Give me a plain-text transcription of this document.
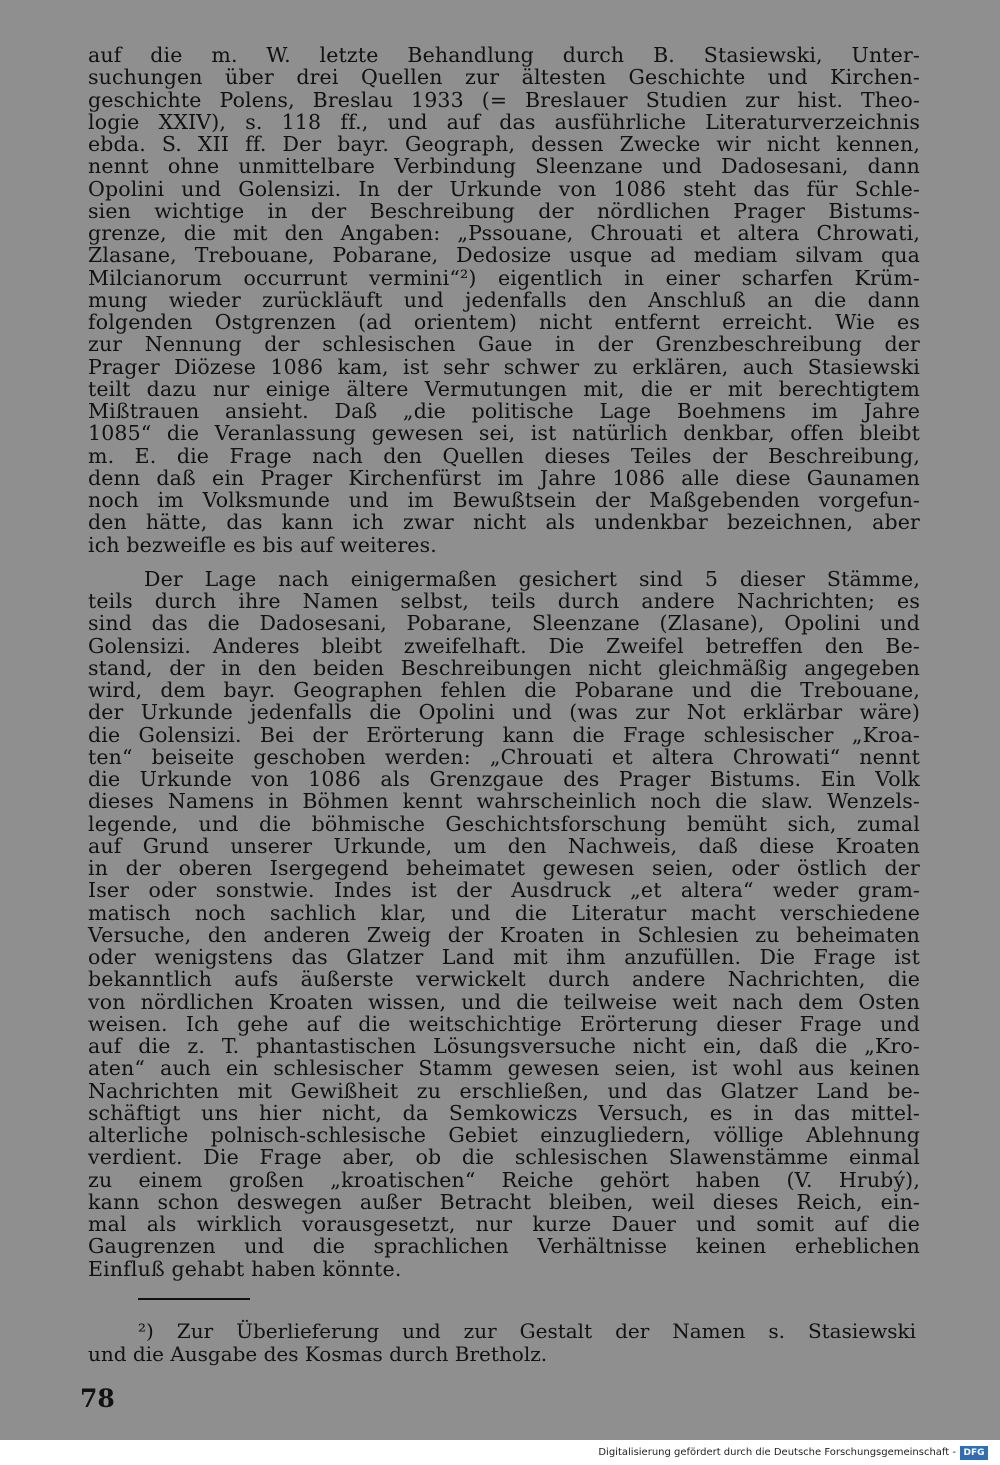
auf die m. W. letzte Behandlung durch B. Stasiewski, Unter-
suchungen über drei Quellen zur ältesten Geschichte und Kirchen-
geschichte Polens, Breslau 1933 (= Breslauer Studien zur hist. Theo-
logie XXIV), s. 118 ff., und auf das ausführliche Literaturverzeichnis
ebda. S. XII ff. Der bayr. Geograph, dessen Zwecke wir nicht kennen,
nennt ohne unmittelbare Verbindung Sleenzane und Dadosesani, dann
Opolini und Golensizi. In der Urkunde von 1086 steht das für Schle-
sien wichtige in der Beschreibung der nördlichen Prager Bistums-
grenze, die mit den Angaben: „Pssouane, Chrouati et altera Chrowati,
Zlasane, Trebouane, Pobarane, Dedosize usque ad mediam silvam qua
Milcianorum occurrunt vermini“²) eigentlich in einer scharfen Krüm-
mung wieder zurückläuft und jedenfalls den Anschluß an die dann
folgenden Ostgrenzen (ad orientem) nicht entfernt erreicht. Wie es
zur Nennung der schlesischen Gaue in der Grenzbeschreibung der
Prager Diözese 1086 kam, ist sehr schwer zu erklären, auch Stasiewski
teilt dazu nur einige ältere Vermutungen mit, die er mit berechtigtem
Mißtrauen ansieht. Daß „die politische Lage Boehmens im Jahre
1085“ die Veranlassung gewesen sei, ist natürlich denkbar, offen bleibt
m. E. die Frage nach den Quellen dieses Teiles der Beschreibung,
denn daß ein Prager Kirchenfürst im Jahre 1086 alle diese Gaunamen
noch im Volksmunde und im Bewußtsein der Maßgebenden vorgefun-
den hätte, das kann ich zwar nicht als undenkbar bezeichnen, aber
ich bezweifle es bis auf weiteres.
Der Lage nach einigermaßen gesichert sind 5 dieser Stämme,
teils durch ihre Namen selbst, teils durch andere Nachrichten; es
sind das die Dadosesani, Pobarane, Sleenzane (Zlasane), Opolini und
Golensizi. Anderes bleibt zweifelhaft. Die Zweifel betreffen den Be-
stand, der in den beiden Beschreibungen nicht gleichmäßig angegeben
wird, dem bayr. Geographen fehlen die Pobarane und die Trebouane,
der Urkunde jedenfalls die Opolini und (was zur Not erklärbar wäre)
die Golensizi. Bei der Erörterung kann die Frage schlesischer „Kroa-
ten“ beiseite geschoben werden: „Chrouati et altera Chrowati“ nennt
die Urkunde von 1086 als Grenzgaue des Prager Bistums. Ein Volk
dieses Namens in Böhmen kennt wahrscheinlich noch die slaw. Wenzels-
legende, und die böhmische Geschichtsforschung bemüht sich, zumal
auf Grund unserer Urkunde, um den Nachweis, daß diese Kroaten
in der oberen Isergegend beheimatet gewesen seien, oder östlich der
Iser oder sonstwie. Indes ist der Ausdruck „et altera“ weder gram-
matisch noch sachlich klar, und die Literatur macht verschiedene
Versuche, den anderen Zweig der Kroaten in Schlesien zu beheimaten
oder wenigstens das Glatzer Land mit ihm anzufüllen. Die Frage ist
bekanntlich aufs äußerste verwickelt durch andere Nachrichten, die
von nördlichen Kroaten wissen, und die teilweise weit nach dem Osten
weisen. Ich gehe auf die weitschichtige Erörterung dieser Frage und
auf die z. T. phantastischen Lösungsversuche nicht ein, daß die „Kro-
aten“ auch ein schlesischer Stamm gewesen seien, ist wohl aus keinen
Nachrichten mit Gewißheit zu erschließen, und das Glatzer Land be-
schäftigt uns hier nicht, da Semkowiczs Versuch, es in das mittel-
alterliche polnisch-schlesische Gebiet einzugliedern, völlige Ablehnung
verdient. Die Frage aber, ob die schlesischen Slawenstämme einmal
zu einem großen „kroatischen“ Reiche gehört haben (V. Hrubý),
kann schon deswegen außer Betracht bleiben, weil dieses Reich, ein-
mal als wirklich vorausgesetzt, nur kurze Dauer und somit auf die
Gaugrenzen und die sprachlichen Verhältnisse keinen erheblichen
Einfluß gehabt haben könnte.
²) Zur Überlieferung und zur Gestalt der Namen s. Stasiewski
und die Ausgabe des Kosmas durch Bretholz.
78
Digitalisierung gefördert durch die Deutsche Forschungsgemeinschaft - DFG
